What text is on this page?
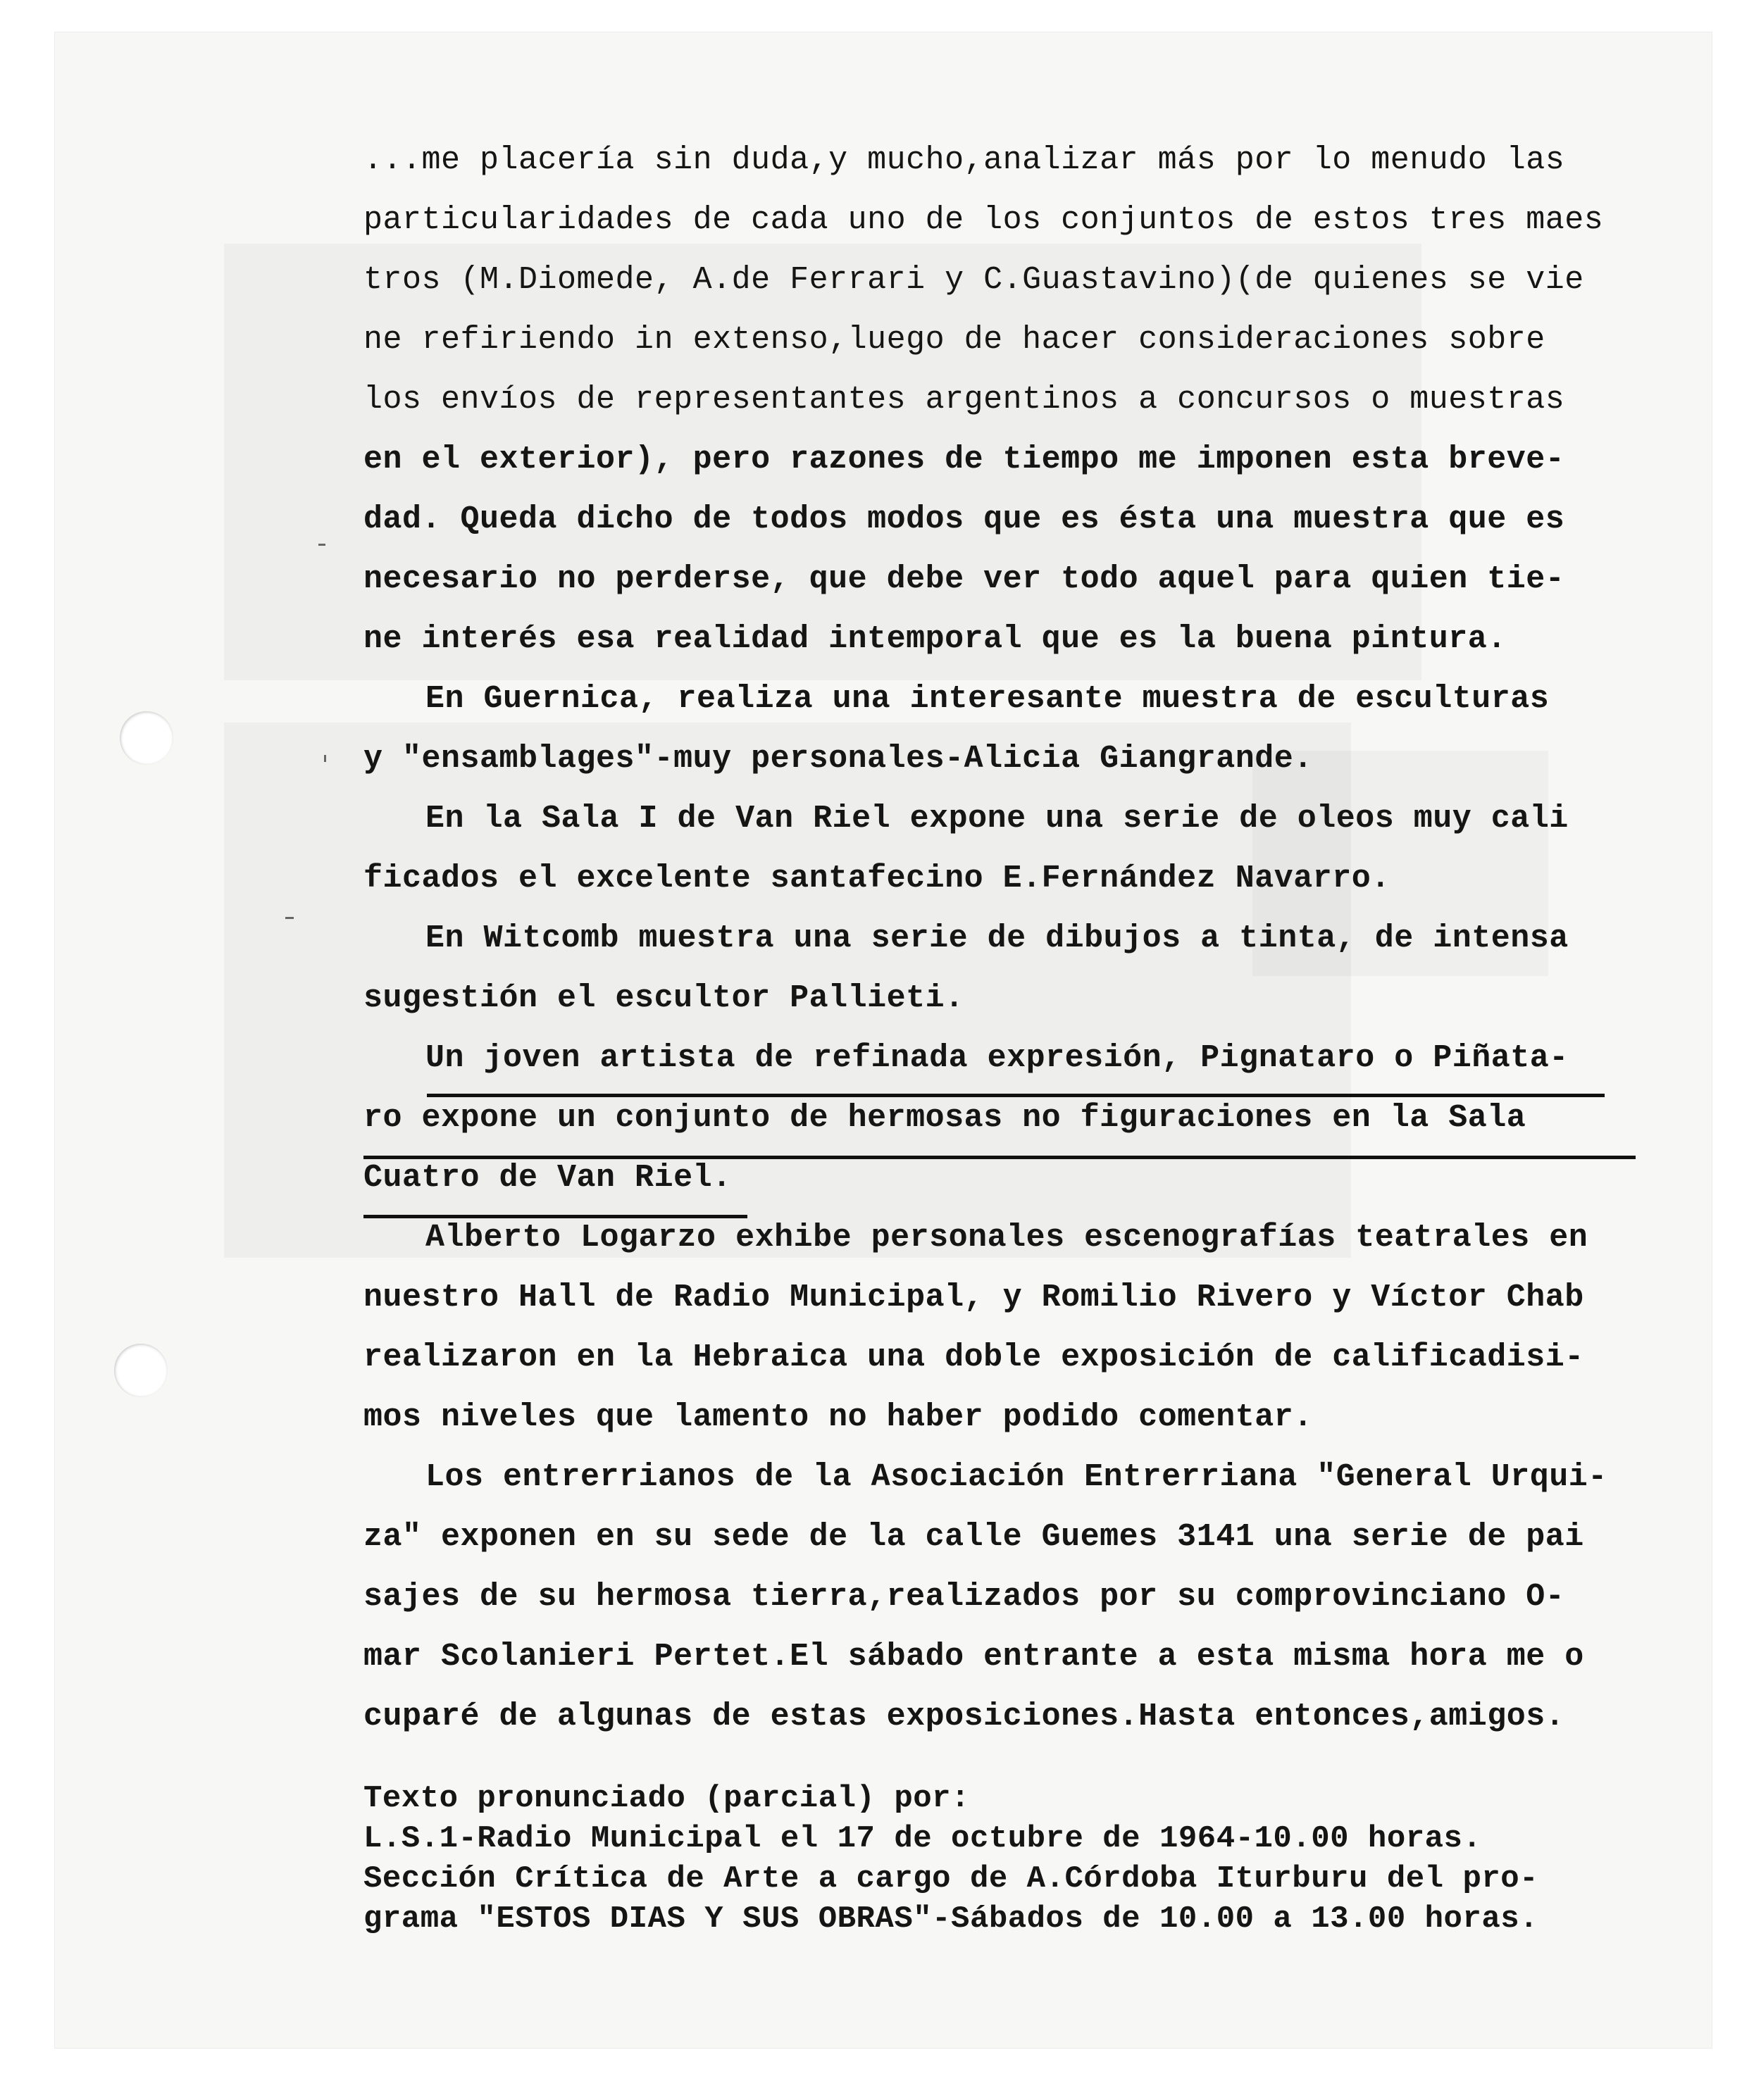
...me placería sin duda,y mucho,analizar más por lo menudo las
particularidades de cada uno de los conjuntos de estos tres maes
tros (M.Diomede, A.de Ferrari y C.Guastavino)(de quienes se vie
ne refiriendo in extenso,luego de hacer consideraciones sobre
los envíos de representantes argentinos a concursos o muestras
en el exterior), pero razones de tiempo me imponen esta breve-
dad. Queda dicho de todos modos que es ésta una muestra que es
necesario no perderse, que debe ver todo aquel para quien tie-
ne interés esa realidad intemporal que es la buena pintura.
En Guernica, realiza una interesante muestra de esculturas
y "ensamblages"-muy personales-Alicia Giangrande.
En la Sala I de Van Riel expone una serie de oleos muy cali
ficados el excelente santafecino E.Fernández Navarro.
En Witcomb muestra una serie de dibujos a tinta, de intensa
sugestión el escultor Pallieti.
Un joven artista de refinada expresión, Pignataro o Piñata-
ro expone un conjunto de hermosas no figuraciones en la Sala
Cuatro de Van Riel.
Alberto Logarzo exhibe personales escenografías teatrales en
nuestro Hall de Radio Municipal, y Romilio Rivero y Víctor Chab
realizaron en la Hebraica una doble exposición de calificadisi-
mos niveles que lamento no haber podido comentar.
Los entrerrianos de la Asociación Entrerriana "General Urqui-
za" exponen en su sede de la calle Guemes 3141 una serie de pai
sajes de su hermosa tierra,realizados por su comprovinciano O-
mar Scolanieri Pertet.El sábado entrante a esta misma hora me o
cuparé de algunas de estas exposiciones.Hasta entonces,amigos.
Texto pronunciado (parcial) por:
L.S.1-Radio Municipal el 17 de octubre de 1964-10.00 horas.
Sección Crítica de Arte a cargo de A.Córdoba Iturburu del pro-
grama "ESTOS DIAS Y SUS OBRAS"-Sábados de 10.00 a 13.00 horas.
